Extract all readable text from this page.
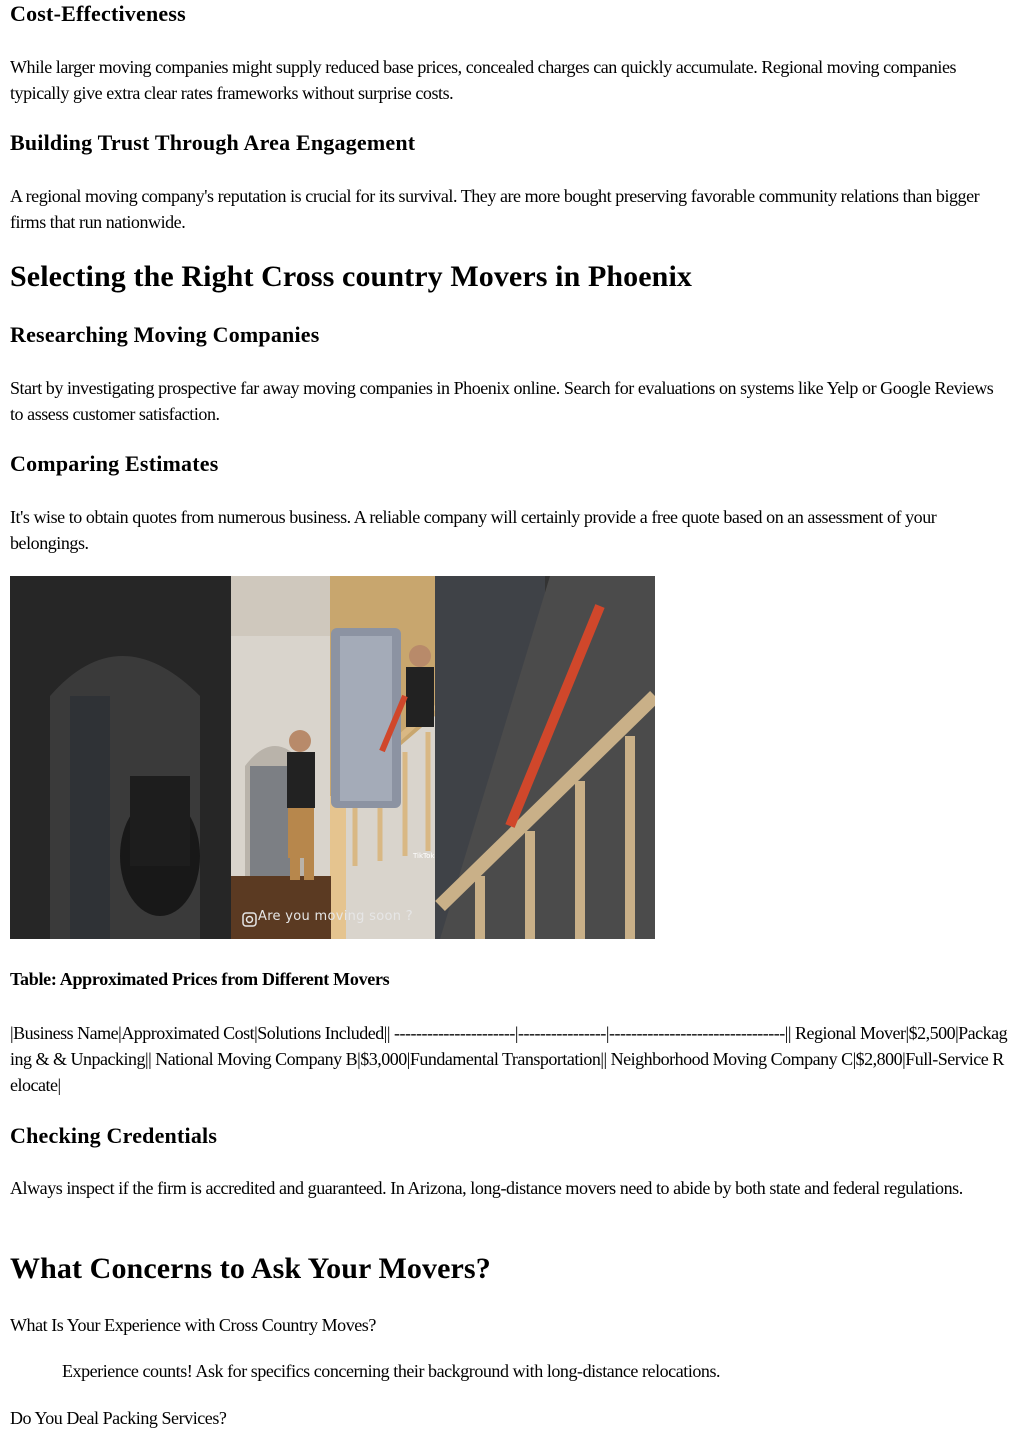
Cost-Effectiveness

While larger moving companies might supply reduced base prices, concealed charges can quickly accumulate. Regional moving companies typically give extra clear rates frameworks without surprise costs.

Building Trust Through Area Engagement

A regional moving company's reputation is crucial for its survival. They are more bought preserving favorable community relations than bigger firms that run nationwide.

Selecting the Right Cross country Movers in Phoenix
Researching Moving Companies

Start by investigating prospective far away moving companies in Phoenix online. Search for evaluations on systems like Yelp or Google Reviews to assess customer satisfaction.

Comparing Estimates

It's wise to obtain quotes from numerous business. A reliable company will certainly provide a free quote based on an assessment of your belongings.

TikTok
Are you moving soon ?

Table: Approximated Prices from Different Movers

|Business Name|Approximated Cost|Solutions Included|| ----------------------|----------------|--------------------------------|| Regional Mover|$2,500|Packaging & & Unpacking|| National Moving Company B|$3,000|Fundamental Transportation|| Neighborhood Moving Company C|$2,800|Full-Service Relocate|

Checking Credentials

Always inspect if the firm is accredited and guaranteed. In Arizona, long-distance movers need to abide by both state and federal regulations.

What Concerns to Ask Your Movers?

What Is Your Experience with Cross Country Moves?

Experience counts! Ask for specifics concerning their background with long-distance relocations.

Do You Deal Packing Services?
